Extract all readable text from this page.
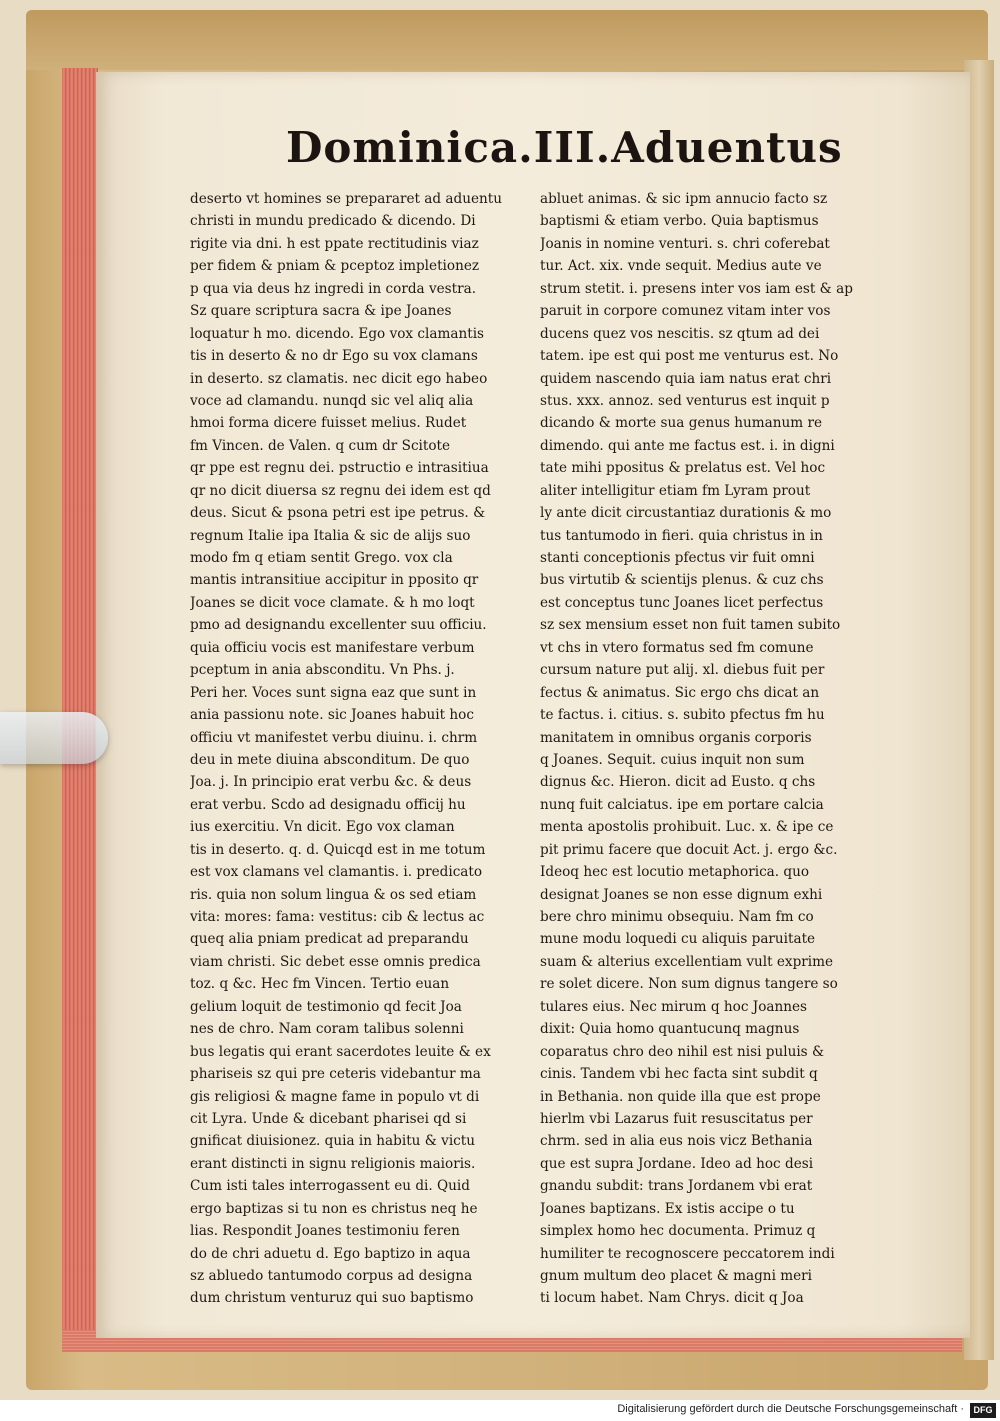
Dominica.III.Aduentus
deserto vt homines se prepararet ad aduentu
christi in mundu predicado & dicendo. Di
rigite via dni. h est ppate rectitudinis viaz
per fidem & pniam & pceptoz impletionez
p qua via deus hz ingredi in corda vestra.
Sz quare scriptura sacra & ipe Joanes
loquatur h mo. dicendo. Ego vox clamantis
tis in deserto & no dr Ego su vox clamans
in deserto. sz clamatis. nec dicit ego habeo
voce ad clamandu. nunqd sic vel aliq alia
hmoi forma dicere fuisset melius. Rudet
fm Vincen. de Valen. q cum dr Scitote
qr ppe est regnu dei. pstructio e intrasitiua
qr no dicit diuersa sz regnu dei idem est qd
deus. Sicut & psona petri est ipe petrus. &
regnum Italie ipa Italia & sic de alijs suo
modo fm q etiam sentit Grego. vox cla
mantis intransitiue accipitur in pposito qr
Joanes se dicit voce clamate. & h mo loqt
pmo ad designandu excellenter suu officiu.
quia officiu vocis est manifestare verbum
pceptum in ania absconditu. Vn Phs. j.
Peri her. Voces sunt signa eaz que sunt in
ania passionu note. sic Joanes habuit hoc
officiu vt manifestet verbu diuinu. i. chrm
deu in mete diuina absconditum. De quo
Joa. j. In principio erat verbu &c. & deus
erat verbu. Scdo ad designadu officij hu
ius exercitiu. Vn dicit. Ego vox claman
tis in deserto. q. d. Quicqd est in me totum
est vox clamans vel clamantis. i. predicato
ris. quia non solum lingua & os sed etiam
vita: mores: fama: vestitus: cib & lectus ac
queq alia pniam predicat ad preparandu
viam christi. Sic debet esse omnis predica
toz. q &c. Hec fm Vincen. Tertio euan
gelium loquit de testimonio qd fecit Joa
nes de chro. Nam coram talibus solenni
bus legatis qui erant sacerdotes leuite & ex
phariseis sz qui pre ceteris videbantur ma
gis religiosi & magne fame in populo vt di
cit Lyra. Unde & dicebant pharisei qd si
gnificat diuisionez. quia in habitu & victu
erant distincti in signu religionis maioris.
Cum isti tales interrogassent eu di. Quid
ergo baptizas si tu non es christus neq he
lias. Respondit Joanes testimoniu feren
do de chri aduetu d. Ego baptizo in aqua
sz abluedo tantumodo corpus ad designa
dum christum venturuz qui suo baptismo
abluet animas. & sic ipm annucio facto sz
baptismi & etiam verbo. Quia baptismus
Joanis in nomine venturi. s. chri coferebat
tur. Act. xix. vnde sequit. Medius aute ve
strum stetit. i. presens inter vos iam est & ap
paruit in corpore comunez vitam inter vos
ducens quez vos nescitis. sz qtum ad dei
tatem. ipe est qui post me venturus est. No
quidem nascendo quia iam natus erat chri
stus. xxx. annoz. sed venturus est inquit p
dicando & morte sua genus humanum re
dimendo. qui ante me factus est. i. in digni
tate mihi ppositus & prelatus est. Vel hoc
aliter intelligitur etiam fm Lyram prout
ly ante dicit circustantiaz durationis & mo
tus tantumodo in fieri. quia christus in in
stanti conceptionis pfectus vir fuit omni
bus virtutib & scientijs plenus. & cuz chs
est conceptus tunc Joanes licet perfectus
sz sex mensium esset non fuit tamen subito
vt chs in vtero formatus sed fm comune
cursum nature put alij. xl. diebus fuit per
fectus & animatus. Sic ergo chs dicat an
te factus. i. citius. s. subito pfectus fm hu
manitatem in omnibus organis corporis
q Joanes. Sequit. cuius inquit non sum
dignus &c. Hieron. dicit ad Eusto. q chs
nunq fuit calciatus. ipe em portare calcia
menta apostolis prohibuit. Luc. x. & ipe ce
pit primu facere que docuit Act. j. ergo &c.
Ideoq hec est locutio metaphorica. quo
designat Joanes se non esse dignum exhi
bere chro minimu obsequiu. Nam fm co
mune modu loquedi cu aliquis paruitate
suam & alterius excellentiam vult exprime
re solet dicere. Non sum dignus tangere so
tulares eius. Nec mirum q hoc Joannes
dixit: Quia homo quantucunq magnus
coparatus chro deo nihil est nisi puluis &
cinis. Tandem vbi hec facta sint subdit q
in Bethania. non quide illa que est prope
hierlm vbi Lazarus fuit resuscitatus per
chrm. sed in alia eus nois vicz Bethania
que est supra Jordane. Ideo ad hoc desi
gnandu subdit: trans Jordanem vbi erat
Joanes baptizans. Ex istis accipe o tu
simplex homo hec documenta. Primuz q
humiliter te recognoscere peccatorem indi
gnum multum deo placet & magni meri
ti locum habet. Nam Chrys. dicit q Joa
Digitalisierung gefördert durch die Deutsche Forschungsgemeinschaft ·	DFG
